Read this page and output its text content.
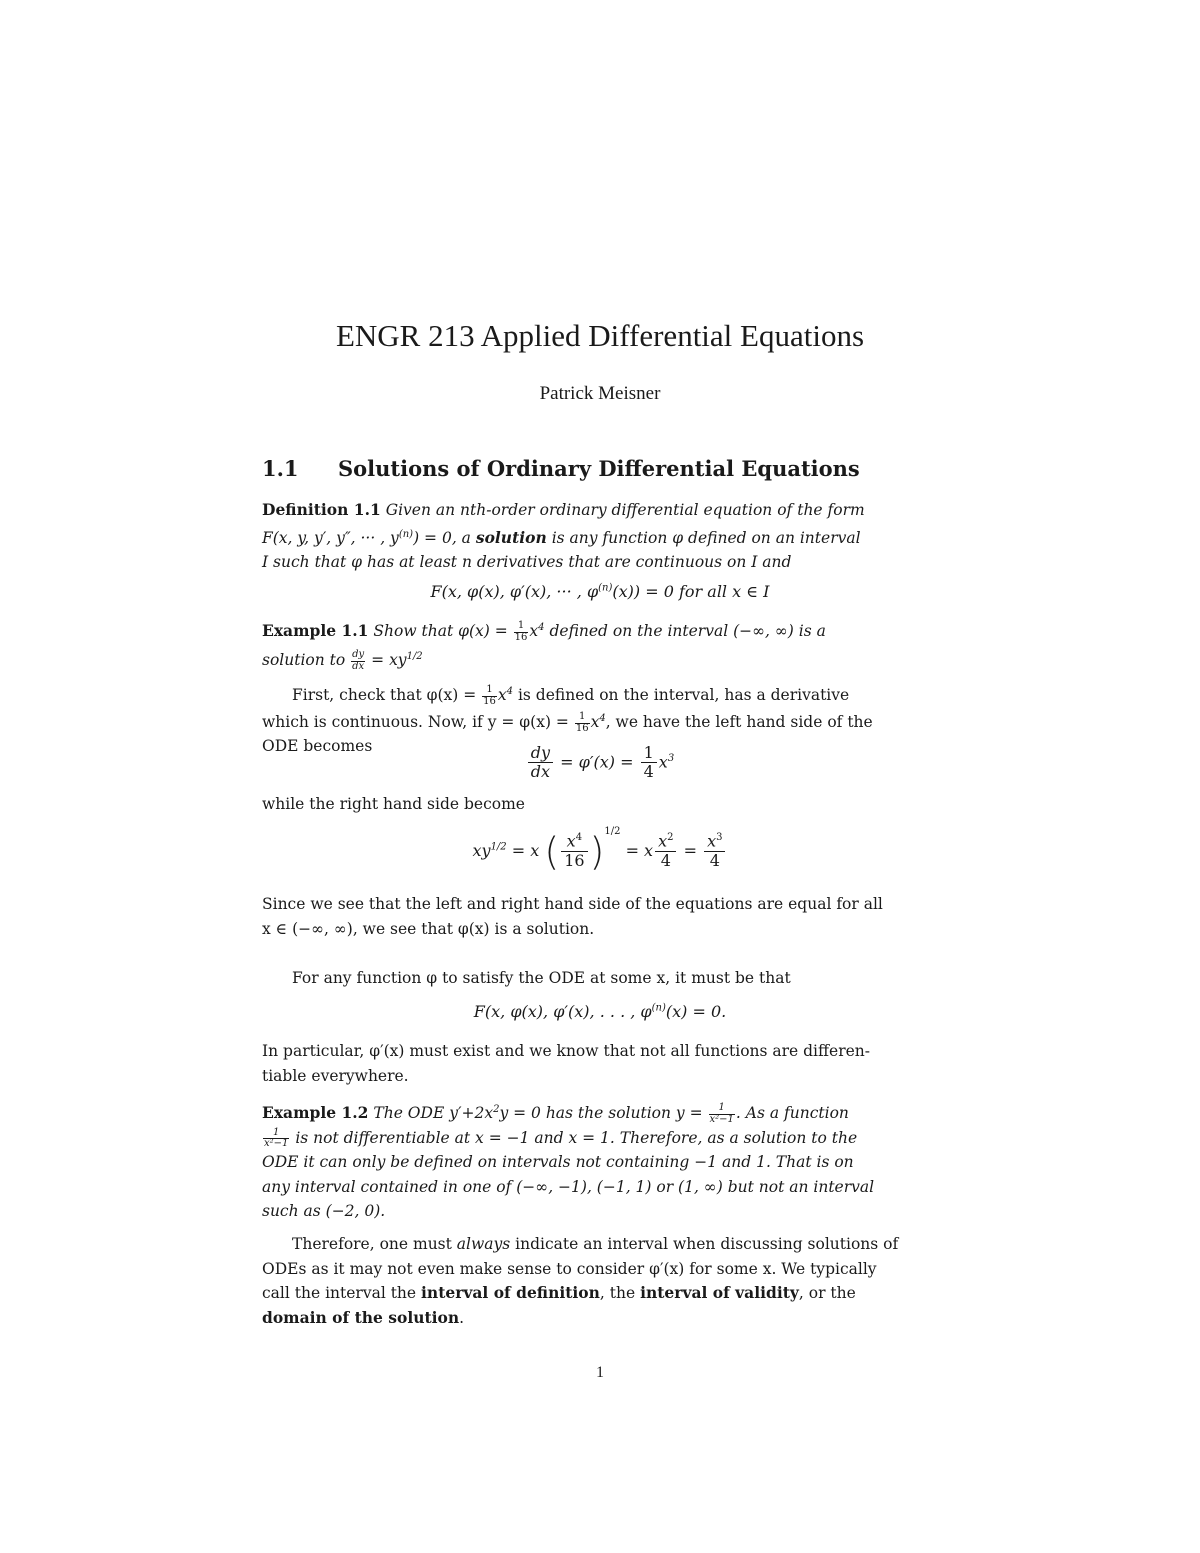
ENGR 213 Applied Differential Equations
Patrick Meisner
1.1 Solutions of Ordinary Differential Equations
Definition 1.1 Given an nth-order ordinary differential equation of the form
F(x, y, y′, y″, ··· , $y^{(n)}) = 0$, a solution is any function φ defined on an interval
I such that φ has at least n derivatives that are continuous on I and
F(x, φ(x), φ′(x), ··· , $\varphi^{(n)}(x)) = 0$ for all x ∈ I
Example 1.1 Show that $\varphi(x) = \frac{1}{16} x^4$ defined on the interval (−∞, ∞) is a
solution to $\frac{dy}{dx} = xy^{1/2}$
First, check that $\varphi(x) = \frac{1}{16} x^4$ is defined on the interval, has a derivative
which is continuous. Now, if $y = \varphi(x) = \frac{1}{16} x^4$, we have the left hand side of the
ODE becomes	$\frac{dy}{dx} = \varphi'(x) = \frac{1}{4} x^3$
while the right hand side become
$xy^{1/2} = x$ ( $\frac{x^4}{16} )^{1/2} = x \frac{x^2}{4} = \frac{x^3}{4}$
Since we see that the left and right hand side of the equations are equal for all
x ∈ (−∞, ∞), we see that φ(x) is a solution.
For any function φ to satisfy the ODE at some x, it must be that
F(x, φ(x), φ′(x), . . . , $\varphi^{(n)}(x) = 0$.
In particular, φ′(x) must exist and we know that not all functions are differen-
tiable everywhere.
Example 1.2 The ODE $y'+2x^2y = 0$ has the solution $y = \frac{1}{\text{x²−1}}$ . As a function

$\frac{1}{\text{x²−1}}$ is not differentiable at x = −1 and x = 1. Therefore, as a solution to the
ODE it can only be defined on intervals not containing −1 and 1. That is on
any interval contained in one of (−∞, −1), (−1, 1) or (1, ∞) but not an interval
such as (−2, 0).
Therefore, one must always indicate an interval when discussing solutions of
ODEs as it may not even make sense to consider φ′(x) for some x. We typically
call the interval the interval of definition, the interval of validity, or the
domain of the solution.
1
